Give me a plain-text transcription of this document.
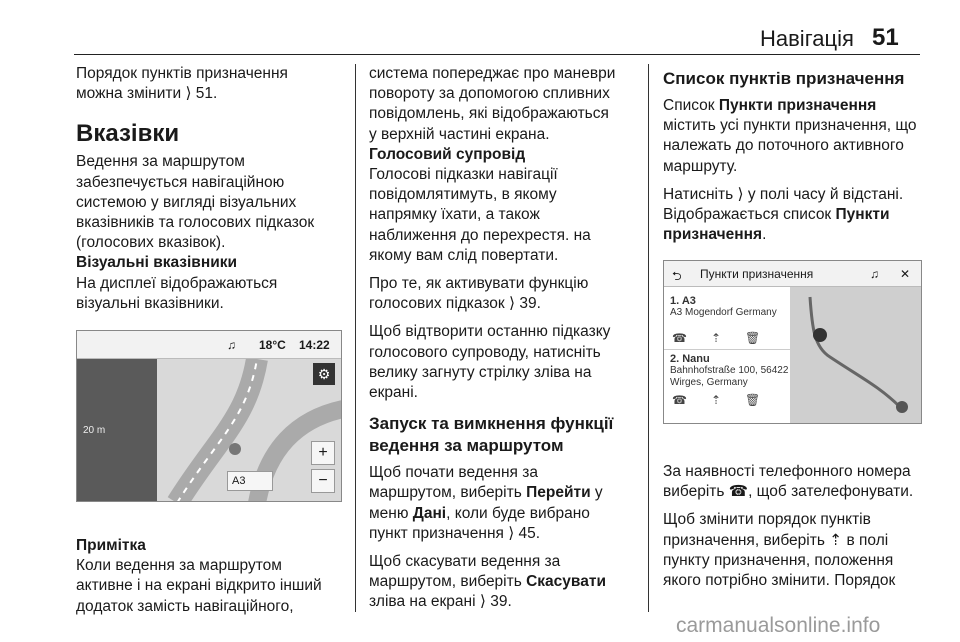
Навігація 51

Порядок пунктів призначення

можна змінити ⟩ 51.

Вказівки

Ведення за маршрутом

забезпечується навігаційною

системою у вигляді візуальних

вказівників та голосових підказок

(голосових вказівок).

Візуальні вказівники

На дисплеї відображаються

візуальні вказівники.

♫ 18°C 14:22
20 m
⚙
+
−
A3

Примітка

Коли ведення за маршрутом

активне і на екрані відкрито інший

додаток замість навігаційного,

система попереджає про маневри

повороту за допомогою спливних

повідомлень, які відображаються

у верхній частині екрана.

Голосовий супровід

Голосові підказки навігації

повідомлятимуть, в якому

напрямку їхати, а також

наближення до перехрестя. на

якому вам слід повертати.

Про те, як активувати функцію

голосових підказок ⟩ 39.

Щоб відтворити останню підказку

голосового супроводу, натисніть

велику загнуту стрілку зліва на

екрані.

Запуск та вимкнення функції
ведення за маршрутом

Щоб почати ведення за

маршрутом, виберіть Перейти у

меню Дані, коли буде вибрано

пункт призначення ⟩ 45.

Щоб скасувати ведення за

маршрутом, виберіть Скасувати

зліва на екрані ⟩ 39.

Список пунктів призначення

Список Пункти призначення

містить усі пункти призначення, що

належать до поточного активного

маршруту.

Натисніть ⟩ у полі часу й відстані.

Відображається список Пункти

призначення.

⮌ Пункти призначення	♫ ✕
1. A3
A3 Mogendorf Germany
☎ ⇡ 🗑
2. Nanu
Bahnhofstraße 100, 56422
Wirges, Germany
☎ ⇡ 🗑

За наявності телефонного номера

виберіть ☎, щоб зателефонувати.

Щоб змінити порядок пунктів

призначення, виберіть ⇡ в полі

пункту призначення, положення

якого потрібно змінити. Порядок

carmanualsonline.info
